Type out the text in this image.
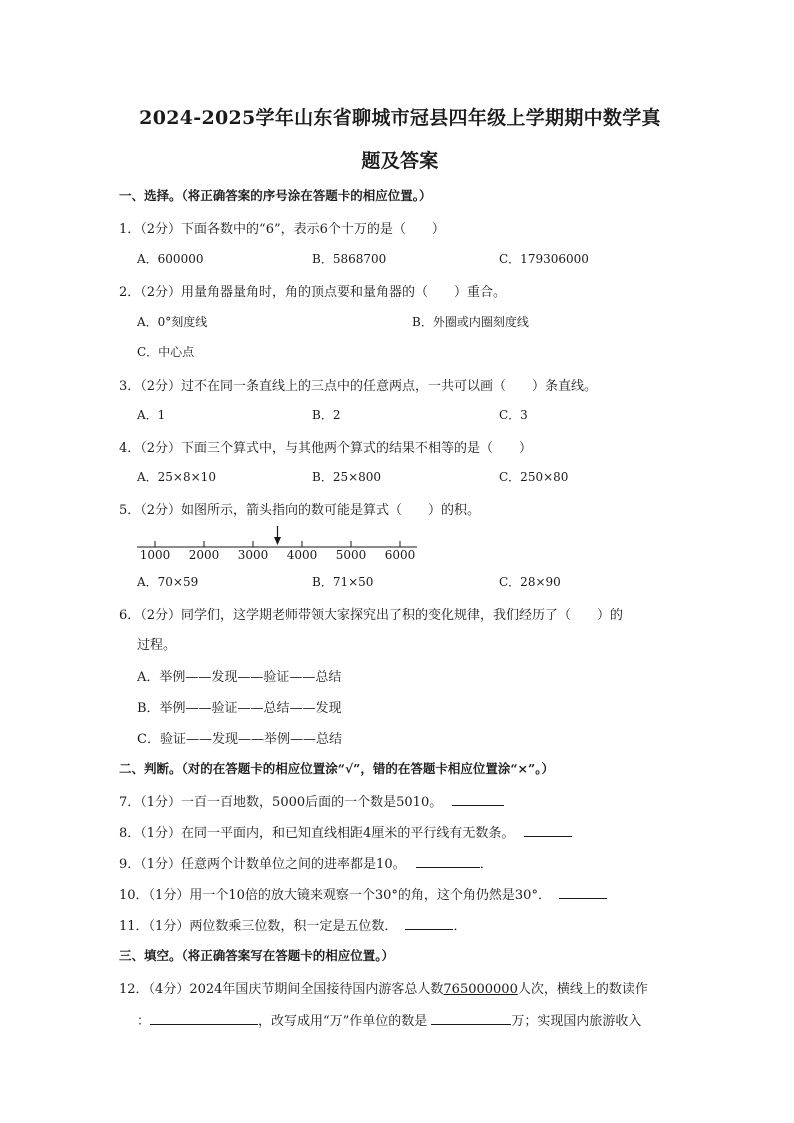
2024-2025学年山东省聊城市冠县四年级上学期期中数学真
题及答案
一、选择。（将正确答案的序号涂在答题卡的相应位置。）
1．（2分）下面各数中的“6”，表示6个十万的是（　　）
A．600000	B．5868700	C．179306000
2．（2分）用量角器量角时，角的顶点要和量角器的（　　）重合。
A．0°刻度线	B．外圈或内圈刻度线
C．中心点
3．（2分）过不在同一条直线上的三点中的任意两点，一共可以画（　　）条直线。
A．1	B．2	C．3
4．（2分）下面三个算式中，与其他两个算式的结果不相等的是（　　）
A．25×8×10	B．25×800	C．250×80
5．（2分）如图所示，箭头指向的数可能是算式（　　）的积。
1000 2000 3000 4000 5000 6000
A．70×59	B．71×50	C．28×90
6．（2分）同学们，这学期老师带领大家探究出了积的变化规律，我们经历了（　　）的
过程。
A．举例——发现——验证——总结
B．举例——验证——总结——发现
C．验证——发现——举例——总结
二、判断。（对的在答题卡的相应位置涂“√”，错的在答题卡相应位置涂“×”。）
7．（1分）一百一百地数，5000后面的一个数是5010。
8．（1分）在同一平面内，和已知直线相距4厘米的平行线有无数条。
9．（1分）任意两个计数单位之间的进率都是10。	．
10．（1分）用一个10倍的放大镜来观察一个30°的角，这个角仍然是30°．
11．（1分）两位数乘三位数，积一定是五位数．	．
三、填空。（将正确答案写在答题卡的相应位置。）
12．（4分）2024年国庆节期间全国接待国内游客总人数765000000人次，横线上的数读作
：	，改写成用“万”作单位的数是	万；实现国内旅游收入
